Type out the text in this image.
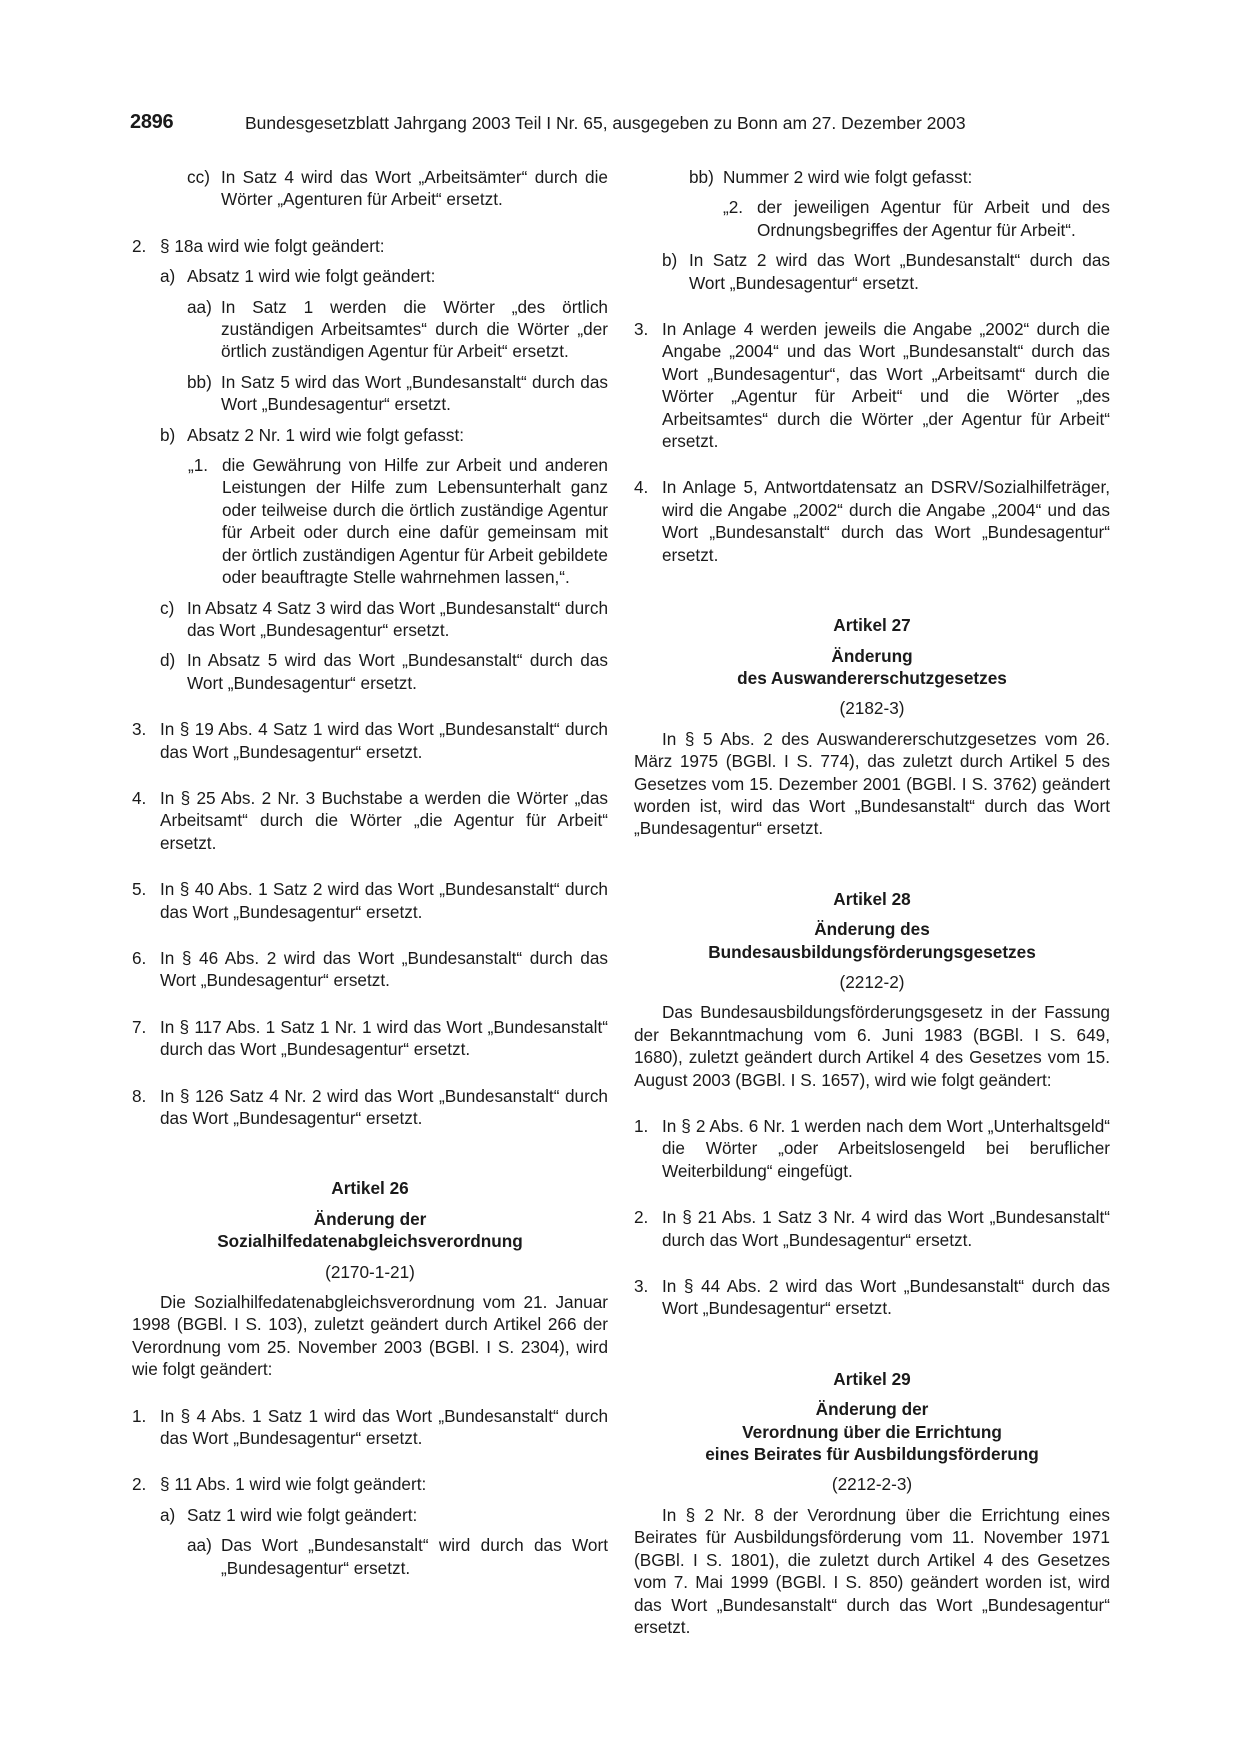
2896	Bundesgesetzblatt Jahrgang 2003 Teil I Nr. 65, ausgegeben zu Bonn am 27. Dezember 2003
cc) In Satz 4 wird das Wort „Arbeitsämter“ durch die Wörter „Agenturen für Arbeit“ ersetzt.
2. § 18a wird wie folgt geändert:
a) Absatz 1 wird wie folgt geändert:
aa) In Satz 1 werden die Wörter „des örtlich zuständigen Arbeitsamtes“ durch die Wörter „der örtlich zuständigen Agentur für Arbeit“ ersetzt.
bb) In Satz 5 wird das Wort „Bundesanstalt“ durch das Wort „Bundesagentur“ ersetzt.
b) Absatz 2 Nr. 1 wird wie folgt gefasst:
„1. die Gewährung von Hilfe zur Arbeit und anderen Leistungen der Hilfe zum Lebensunterhalt ganz oder teilweise durch die örtlich zuständige Agentur für Arbeit oder durch eine dafür gemeinsam mit der örtlich zuständigen Agentur für Arbeit gebildete oder beauftragte Stelle wahrnehmen lassen,“.
c) In Absatz 4 Satz 3 wird das Wort „Bundesanstalt“ durch das Wort „Bundesagentur“ ersetzt.
d) In Absatz 5 wird das Wort „Bundesanstalt“ durch das Wort „Bundesagentur“ ersetzt.
3. In § 19 Abs. 4 Satz 1 wird das Wort „Bundesanstalt“ durch das Wort „Bundesagentur“ ersetzt.
4. In § 25 Abs. 2 Nr. 3 Buchstabe a werden die Wörter „das Arbeitsamt“ durch die Wörter „die Agentur für Arbeit“ ersetzt.
5. In § 40 Abs. 1 Satz 2 wird das Wort „Bundesanstalt“ durch das Wort „Bundesagentur“ ersetzt.
6. In § 46 Abs. 2 wird das Wort „Bundesanstalt“ durch das Wort „Bundesagentur“ ersetzt.
7. In § 117 Abs. 1 Satz 1 Nr. 1 wird das Wort „Bundesanstalt“ durch das Wort „Bundesagentur“ ersetzt.
8. In § 126 Satz 4 Nr. 2 wird das Wort „Bundesanstalt“ durch das Wort „Bundesagentur“ ersetzt.
Artikel 26
Änderung der
Sozialhilfedatenabgleichsverordnung
(2170-1-21)
Die Sozialhilfedatenabgleichsverordnung vom 21. Januar 1998 (BGBl. I S. 103), zuletzt geändert durch Artikel 266 der Verordnung vom 25. November 2003 (BGBl. I S. 2304), wird wie folgt geändert:
1. In § 4 Abs. 1 Satz 1 wird das Wort „Bundesanstalt“ durch das Wort „Bundesagentur“ ersetzt.
2. § 11 Abs. 1 wird wie folgt geändert:
a) Satz 1 wird wie folgt geändert:
aa) Das Wort „Bundesanstalt“ wird durch das Wort „Bundesagentur“ ersetzt.
bb) Nummer 2 wird wie folgt gefasst:
„2. der jeweiligen Agentur für Arbeit und des Ordnungsbegriffes der Agentur für Arbeit“.
b) In Satz 2 wird das Wort „Bundesanstalt“ durch das Wort „Bundesagentur“ ersetzt.
3. In Anlage 4 werden jeweils die Angabe „2002“ durch die Angabe „2004“ und das Wort „Bundesanstalt“ durch das Wort „Bundesagentur“, das Wort „Arbeitsamt“ durch die Wörter „Agentur für Arbeit“ und die Wörter „des Arbeitsamtes“ durch die Wörter „der Agentur für Arbeit“ ersetzt.
4. In Anlage 5, Antwortdatensatz an DSRV/Sozialhilfeträger, wird die Angabe „2002“ durch die Angabe „2004“ und das Wort „Bundesanstalt“ durch das Wort „Bundesagentur“ ersetzt.
Artikel 27
Änderung
des Auswandererschutzgesetzes
(2182-3)
In § 5 Abs. 2 des Auswandererschutzgesetzes vom 26. März 1975 (BGBl. I S. 774), das zuletzt durch Artikel 5 des Gesetzes vom 15. Dezember 2001 (BGBl. I S. 3762) geändert worden ist, wird das Wort „Bundesanstalt“ durch das Wort „Bundesagentur“ ersetzt.
Artikel 28
Änderung des
Bundesausbildungsförderungsgesetzes
(2212-2)
Das Bundesausbildungsförderungsgesetz in der Fassung der Bekanntmachung vom 6. Juni 1983 (BGBl. I S. 649, 1680), zuletzt geändert durch Artikel 4 des Gesetzes vom 15. August 2003 (BGBl. I S. 1657), wird wie folgt geändert:
1. In § 2 Abs. 6 Nr. 1 werden nach dem Wort „Unterhaltsgeld“ die Wörter „oder Arbeitslosengeld bei beruflicher Weiterbildung“ eingefügt.
2. In § 21 Abs. 1 Satz 3 Nr. 4 wird das Wort „Bundesanstalt“ durch das Wort „Bundesagentur“ ersetzt.
3. In § 44 Abs. 2 wird das Wort „Bundesanstalt“ durch das Wort „Bundesagentur“ ersetzt.
Artikel 29
Änderung der
Verordnung über die Errichtung
eines Beirates für Ausbildungsförderung
(2212-2-3)
In § 2 Nr. 8 der Verordnung über die Errichtung eines Beirates für Ausbildungsförderung vom 11. November 1971 (BGBl. I S. 1801), die zuletzt durch Artikel 4 des Gesetzes vom 7. Mai 1999 (BGBl. I S. 850) geändert worden ist, wird das Wort „Bundesanstalt“ durch das Wort „Bundesagentur“ ersetzt.
